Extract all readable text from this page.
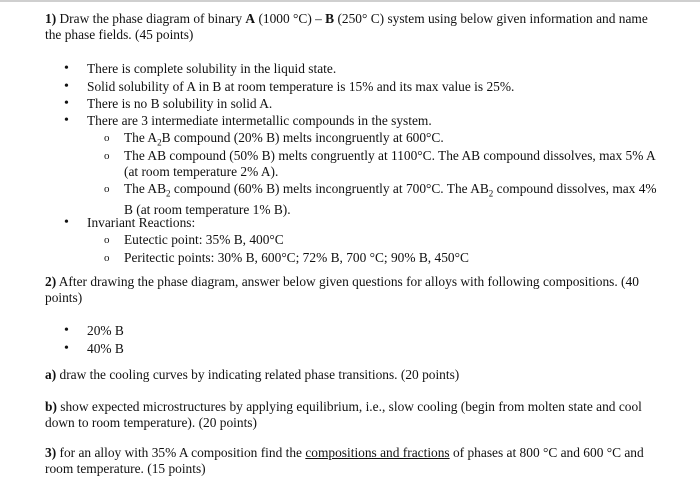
1) Draw the phase diagram of binary A (1000 °C) – B (250° C) system using below given information and name the phase fields. (45 points)

•	There is complete solubility in the liquid state.
•	Solid solubility of A in B at room temperature is 15% and its max value is 25%.
•	There is no B solubility in solid A.
•	There are 3 intermediate intermetallic compounds in the system.
o	The $A_2B$ compound (20% B) melts incongruently at 600°C.
o	The AB compound (50% B) melts congruently at 1100°C. The AB compound dissolves, max 5% A (at room temperature 2% A).
o	The $AB_2$ compound (60% B) melts incongruently at 700°C. The $AB_2$ compound dissolves, max 4% B (at room temperature 1% B).
•	Invariant Reactions:
o	Eutectic point: 35% B, 400°C
o	Peritectic points: 30% B, 600°C; 72% B, 700 °C; 90% B, 450°C

2) After drawing the phase diagram, answer below given questions for alloys with following compositions. (40 points)

•	20% B
•	40% B

a) draw the cooling curves by indicating related phase transitions. (20 points)

b) show expected microstructures by applying equilibrium, i.e., slow cooling (begin from molten state and cool down to room temperature). (20 points)

3) for an alloy with 35% A composition find the compositions and fractions of phases at 800 °C and 600 °C and room temperature. (15 points)
